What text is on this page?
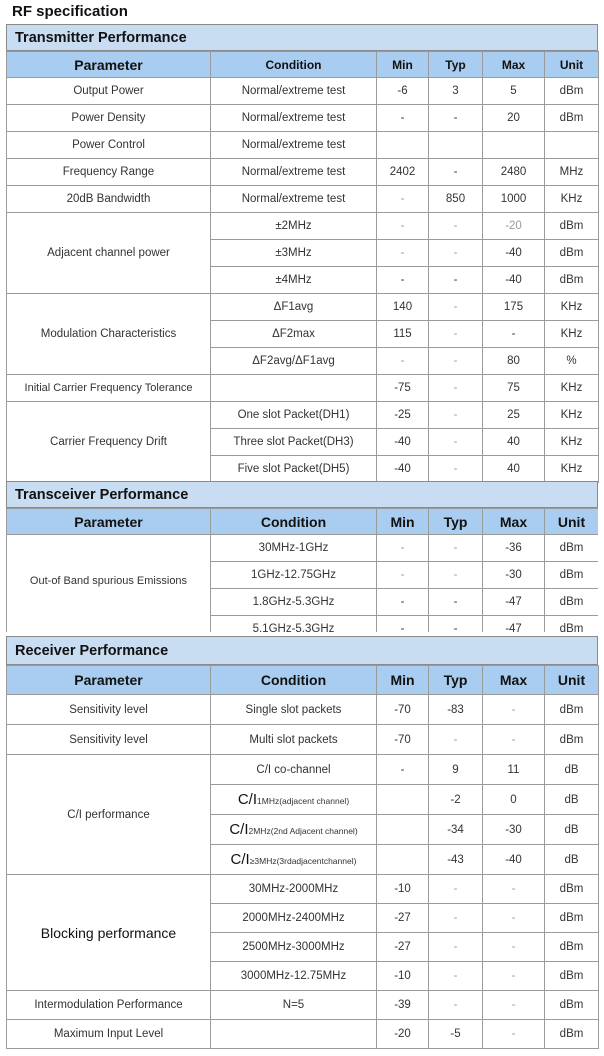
RF specification
Transmitter Performance
Parameter	Condition	Min	Typ	Max	Unit
Output Power	Normal/extreme test	-6	3	5	dBm
Power Density	Normal/extreme test	-	-	20	dBm
Power Control	Normal/extreme test				
Frequency Range	Normal/extreme test	2402	-	2480	MHz
20dB Bandwidth	Normal/extreme test	-	850	1000	KHz
Adjacent channel power	±2MHz	-	-	-20	dBm
	±3MHz	-	-	-40	dBm
	±4MHz	-	-	-40	dBm
Modulation Characteristics	ΔF1avg	140	-	175	KHz
	ΔF2max	115	-	-	KHz
	ΔF2avg/ΔF1avg	-	-	80	%
Initial Carrier Frequency Tolerance		-75	-	75	KHz
Carrier Frequency Drift	One slot Packet(DH1)	-25	-	25	KHz
	Three slot Packet(DH3)	-40	-	40	KHz
	Five slot Packet(DH5)	-40	-	40	KHz
Transceiver Performance
Parameter	Condition	Min	Typ	Max	Unit
Out-of Band spurious Emissions	30MHz-1GHz	-	-	-36	dBm
	1GHz-12.75GHz	-	-	-30	dBm
	1.8GHz-5.3GHz	-	-	-47	dBm
	5.1GHz-5.3GHz	-	-	-47	dBm
Receiver Performance
Parameter	Condition	Min	Typ	Max	Unit
Sensitivity level	Single slot packets	-70	-83	-	dBm
Sensitivity level	Multi slot packets	-70	-	-	dBm
C/I performance	C/I co-channel	-	9	11	dB
	C/I1MHz(adjacent channel)		-2	0	dB
	C/I2MHz(2nd Adjacent channel)		-34	-30	dB
	C/I≥3MHz(3rdadjacentchannel)		-43	-40	dB
Blocking performance	30MHz-2000MHz	-10	-	-	dBm
	2000MHz-2400MHz	-27	-	-	dBm
	2500MHz-3000MHz	-27	-	-	dBm
	3000MHz-12.75MHz	-10	-	-	dBm
Intermodulation Performance	N=5	-39	-	-	dBm
Maximum Input Level		-20	-5	-	dBm
